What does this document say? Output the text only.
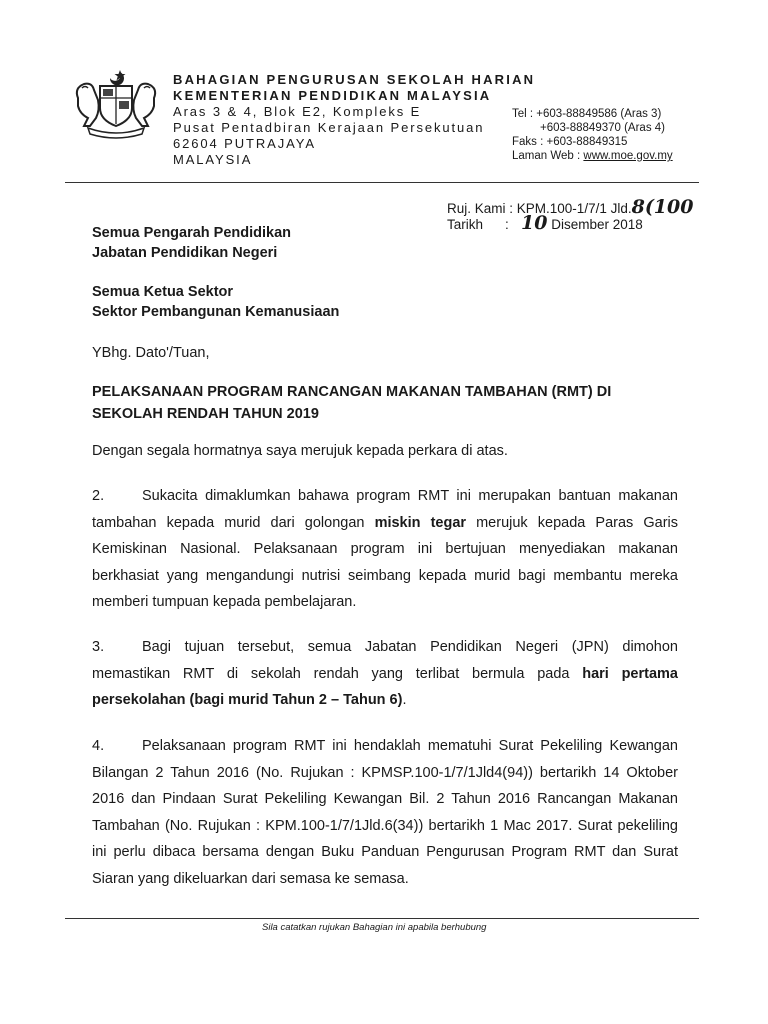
BAHAGIAN PENGURUSAN SEKOLAH HARIAN
KEMENTERIAN PENDIDIKAN MALAYSIA
Aras 3 & 4, Blok E2, Kompleks E
Pusat Pentadbiran Kerajaan Persekutuan
62604 PUTRAJAYA
MALAYSIA
Tel : +603-88849586 (Aras 3)
+603-88849370 (Aras 4)
Faks : +603-88849315
Laman Web : www.moe.gov.my
Ruj. Kami : KPM.100-1/7/1 Jld.8(100
Tarikh : 10 Disember 2018
Semua Pengarah Pendidikan
Jabatan Pendidikan Negeri
Semua Ketua Sektor
Sektor Pembangunan Kemanusiaan
YBhg. Dato'/Tuan,
PELAKSANAAN PROGRAM RANCANGAN MAKANAN TAMBAHAN (RMT) DI SEKOLAH RENDAH TAHUN 2019
Dengan segala hormatnya saya merujuk kepada perkara di atas.
2.	Sukacita dimaklumkan bahawa program RMT ini merupakan bantuan makanan tambahan kepada murid dari golongan miskin tegar merujuk kepada Paras Garis Kemiskinan Nasional. Pelaksanaan program ini bertujuan menyediakan makanan berkhasiat yang mengandungi nutrisi seimbang kepada murid bagi membantu mereka memberi tumpuan kepada pembelajaran.
3.	Bagi tujuan tersebut, semua Jabatan Pendidikan Negeri (JPN) dimohon memastikan RMT di sekolah rendah yang terlibat bermula pada hari pertama persekolahan (bagi murid Tahun 2 – Tahun 6).
4.	Pelaksanaan program RMT ini hendaklah mematuhi Surat Pekeliling Kewangan Bilangan 2 Tahun 2016 (No. Rujukan : KPMSP.100-1/7/1Jld4(94)) bertarikh 14 Oktober 2016 dan Pindaan Surat Pekeliling Kewangan Bil. 2 Tahun 2016 Rancangan Makanan Tambahan (No. Rujukan : KPM.100-1/7/1Jld.6(34)) bertarikh 1 Mac 2017. Surat pekeliling ini perlu dibaca bersama dengan Buku Panduan Pengurusan Program RMT dan Surat Siaran yang dikeluarkan dari semasa ke semasa.
Sila catatkan rujukan Bahagian ini apabila berhubung
